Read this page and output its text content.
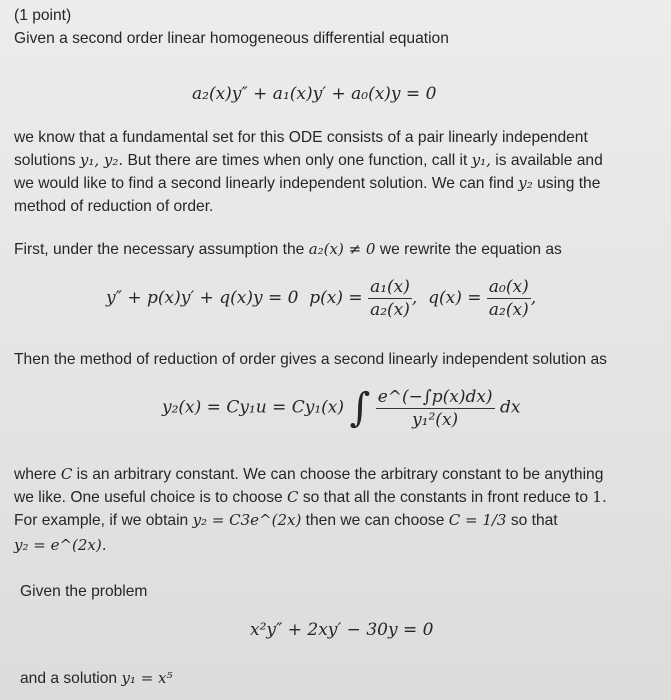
(1 point)

Given a second order linear homogeneous differential equation

a₂(x)y″ + a₁(x)y′ + a₀(x)y = 0

we know that a fundamental set for this ODE consists of a pair linearly independent

solutions y₁, y₂. But there are times when only one function, call it y₁, is available and

we would like to find a second linearly independent solution. We can find y₂ using the

method of reduction of order.

First, under the necessary assumption the a₂(x) ≠ 0 we rewrite the equation as

y″ + p(x)y′ + q(x)y = 0 $p(x) = \frac{\text{a₁(x)}}{\text{a₂(x)}}$ , $q(x) = \frac{\text{a₀(x)}}{\text{a₂(x)}}$ ,

Then the method of reduction of order gives a second linearly independent solution as

y₂(x) = Cy₁u = Cy₁(x) ∫ $\frac{e\^{}(-\int p(x)dx)}{\text{y₁²(x)}}$ dx

where C is an arbitrary constant. We can choose the arbitrary constant to be anything

we like. One useful choice is to choose C so that all the constants in front reduce to 1.

For example, if we obtain y₂ = C3e^(2x) then we can choose C = 1/3 so that

y₂ = e^(2x).

Given the problem

x²y″ + 2xy′ − 30y = 0

and a solution y₁ = x⁵
